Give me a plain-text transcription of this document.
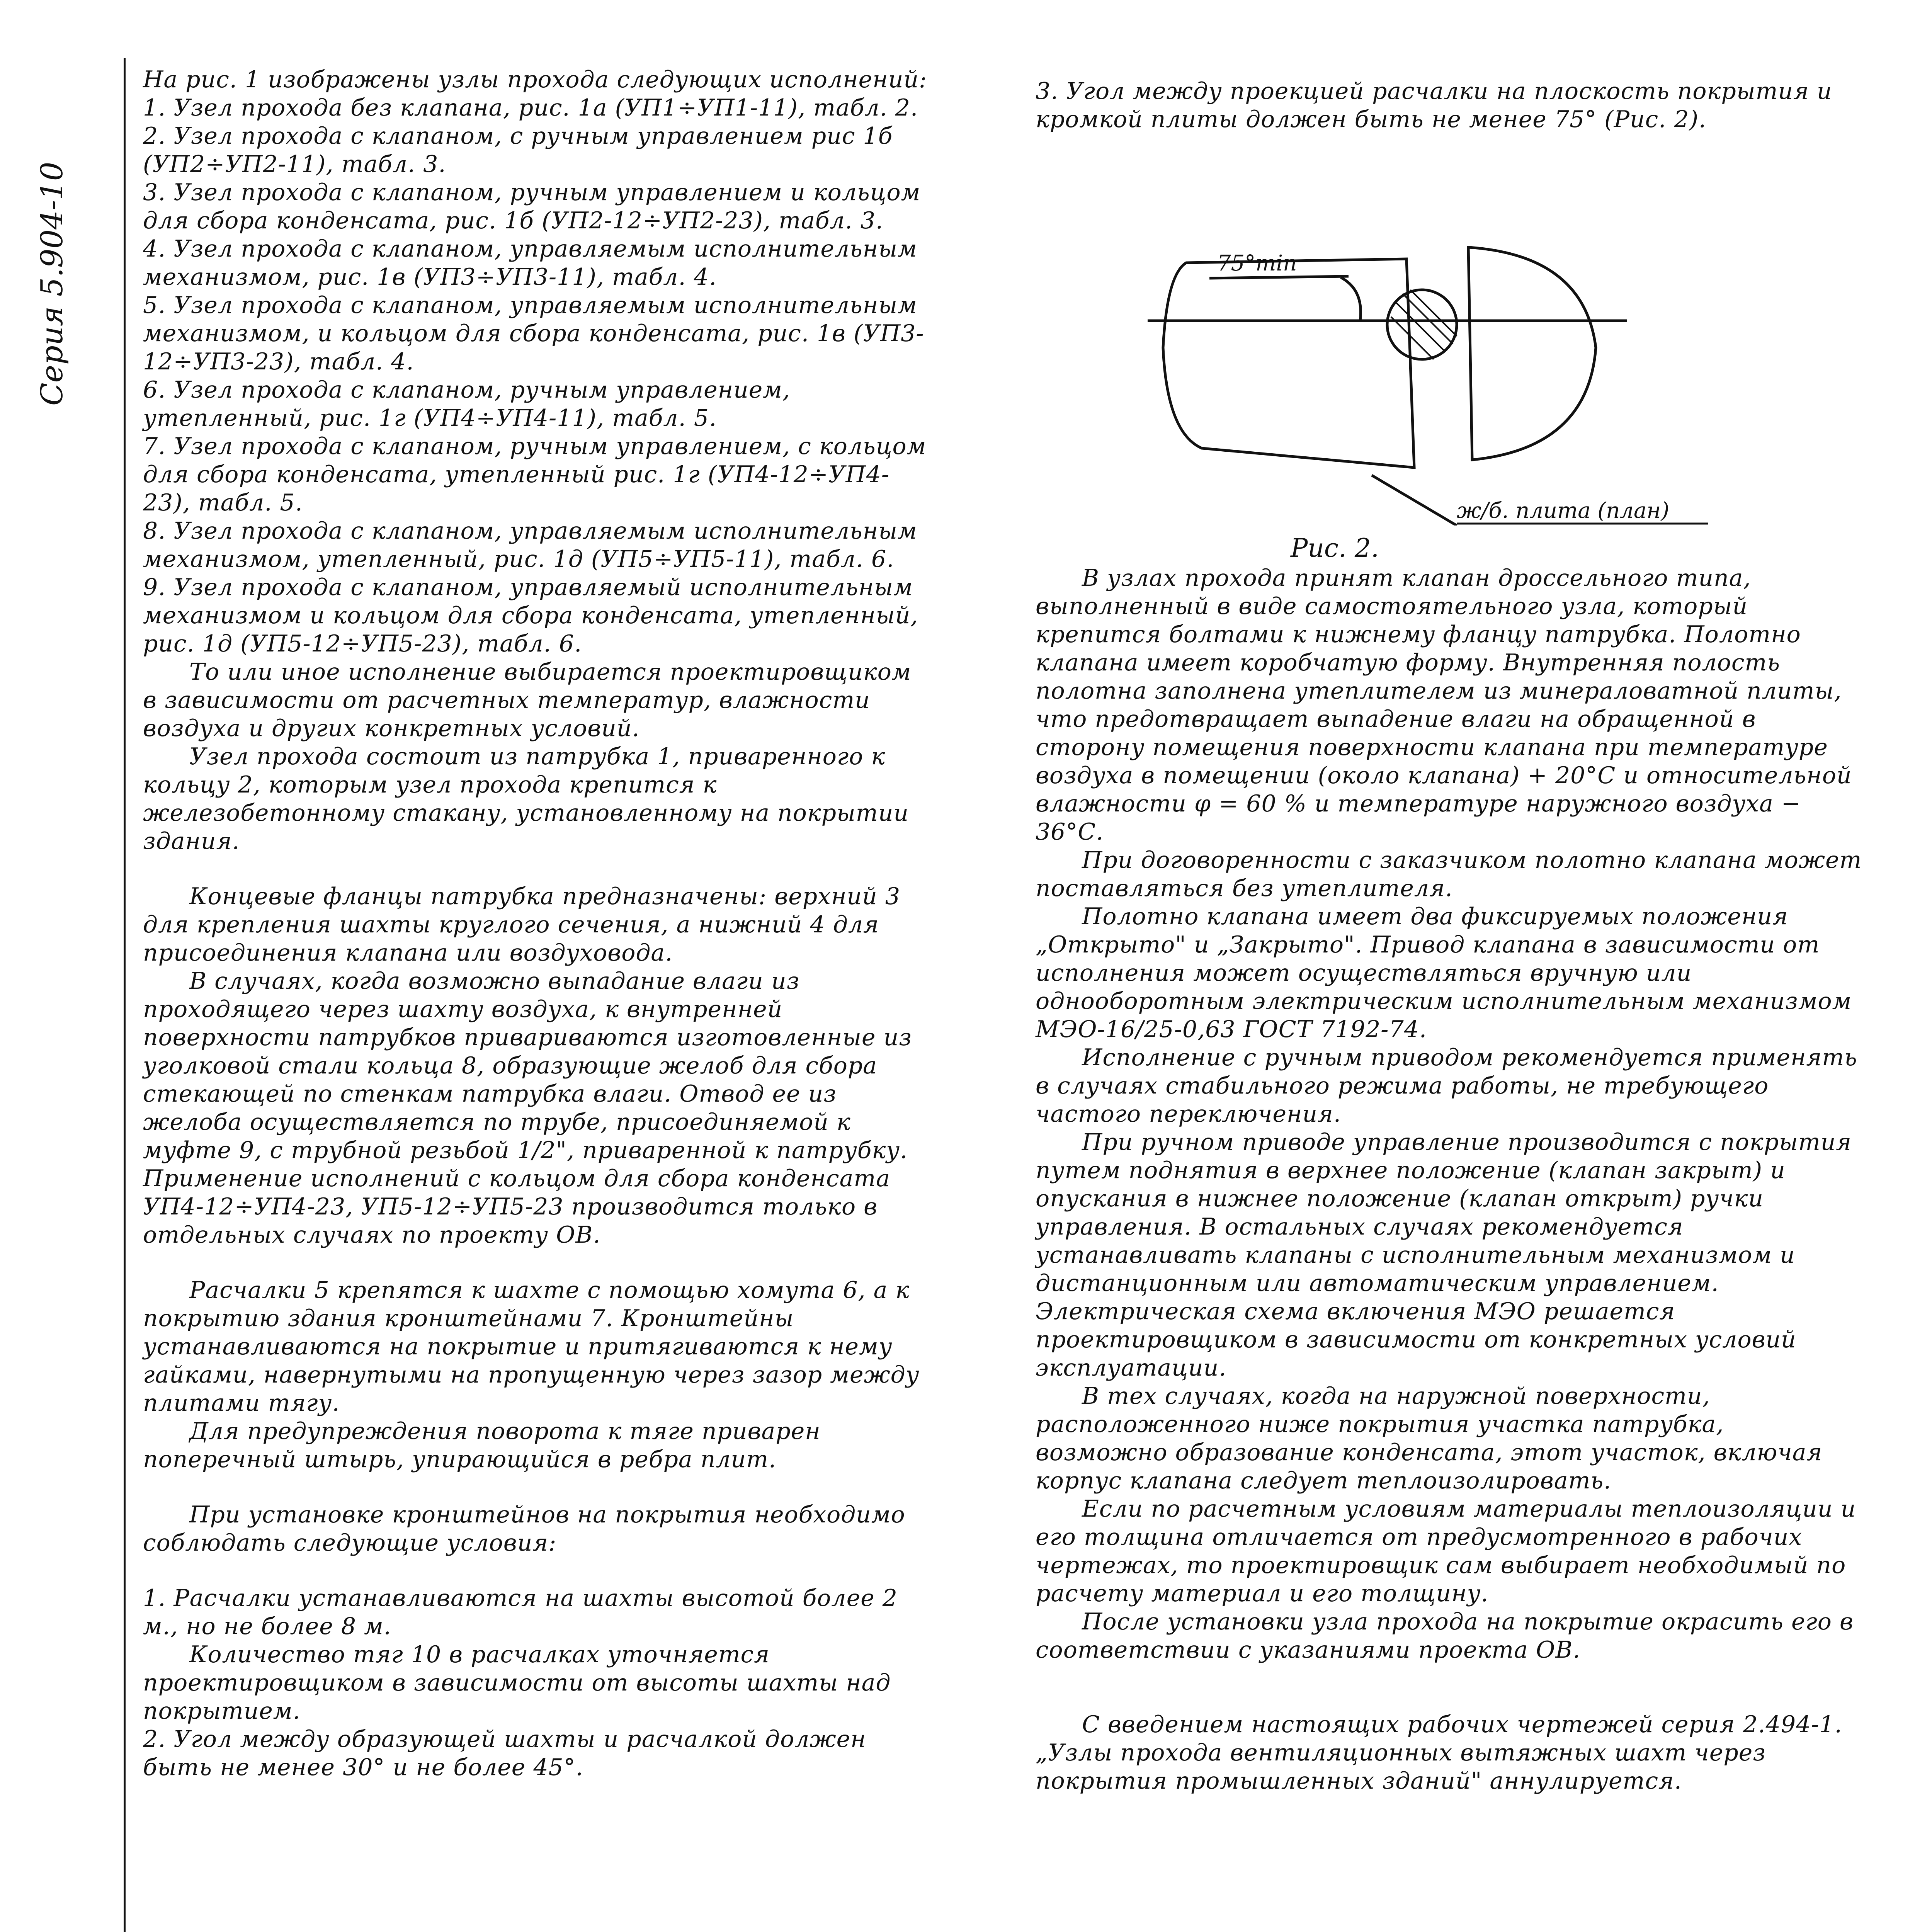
Серия 5.904-10

На рис. 1 изображены узлы прохода следующих исполнений:

1. Узел прохода без клапана, рис. 1а (УП1÷УП1-11), табл. 2.

2. Узел прохода с клапаном, с ручным управлением рис 1б (УП2÷УП2-11), табл. 3.

3. Узел прохода с клапаном, ручным управлением и кольцом для сбора конденсата, рис. 1б (УП2-12÷УП2-23), табл. 3.

4. Узел прохода с клапаном, управляемым исполнительным механизмом, рис. 1в (УП3÷УП3-11), табл. 4.

5. Узел прохода с клапаном, управляемым исполнительным механизмом, и кольцом для сбора конденсата, рис. 1в (УП3-12÷УП3-23), табл. 4.

6. Узел прохода с клапаном, ручным управлением, утепленный, рис. 1г (УП4÷УП4-11), табл. 5.

7. Узел прохода с клапаном, ручным управлением, с кольцом для сбора конденсата, утепленный рис. 1г (УП4-12÷УП4-23), табл. 5.

8. Узел прохода с клапаном, управляемым исполнительным механизмом, утепленный, рис. 1д (УП5÷УП5-11), табл. 6.

9. Узел прохода с клапаном, управляемый исполнительным механизмом и кольцом для сбора конденсата, утепленный, рис. 1д (УП5-12÷УП5-23), табл. 6.

То или иное исполнение выбирается проектировщиком в зависимости от расчетных температур, влажности воздуха и других конкретных условий.

Узел прохода состоит из патрубка 1, приваренного к кольцу 2, которым узел прохода крепится к железобетонному стакану, установленному на покрытии здания.

Концевые фланцы патрубка предназначены: верхний 3 для крепления шахты круглого сечения, а нижний 4 для присоединения клапана или воздуховода.

В случаях, когда возможно выпадание влаги из проходящего через шахту воздуха, к внутренней поверхности патрубков привариваются изготовленные из уголковой стали кольца 8, образующие желоб для сбора стекающей по стенкам патрубка влаги. Отвод ее из желоба осуществляется по трубе, присоединяемой к муфте 9, с трубной резьбой 1/2", приваренной к патрубку.

Применение исполнений с кольцом для сбора конденсата УП4-12÷УП4-23, УП5-12÷УП5-23 производится только в отдельных случаях по проекту ОВ.

Расчалки 5 крепятся к шахте с помощью хомута 6, а к покрытию здания кронштейнами 7. Кронштейны устанавливаются на покрытие и притягиваются к нему гайками, навернутыми на пропущенную через зазор между плитами тягу.

Для предупреждения поворота к тяге приварен поперечный штырь, упирающийся в ребра плит.

При установке кронштейнов на покрытия необходимо соблюдать следующие условия:

1. Расчалки устанавливаются на шахты высотой более 2 м., но не более 8 м.

Количество тяг 10 в расчалках уточняется проектировщиком в зависимости от высоты шахты над покрытием.

2. Угол между образующей шахты и расчалкой должен быть не менее 30° и не более 45°.

3. Угол между проекцией расчалки на плоскость покрытия и кромкой плиты должен быть не менее 75° (Рис. 2).

75°min
ж/б. плита (план)
Рис. 2.

В узлах прохода принят клапан дроссельного типа, выполненный в виде самостоятельного узла, который крепится болтами к нижнему фланцу патрубка. Полотно клапана имеет коробчатую форму. Внутренняя полость полотна заполнена утеплителем из минераловатной плиты, что предотвращает выпадение влаги на обращенной в сторону помещения поверхности клапана при температуре воздуха в помещении (около клапана) + 20°С и относительной влажности φ = 60 % и температуре наружного воздуха − 36°С.

При договоренности с заказчиком полотно клапана может поставляться без утеплителя.

Полотно клапана имеет два фиксируемых положения „Открыто" и „Закрыто". Привод клапана в зависимости от исполнения может осуществляться вручную или однооборотным электрическим исполнительным механизмом МЭО-16/25-0,63 ГОСТ 7192-74.

Исполнение с ручным приводом рекомендуется применять в случаях стабильного режима работы, не требующего частого переключения.

При ручном приводе управление производится с покрытия путем поднятия в верхнее положение (клапан закрыт) и опускания в нижнее положение (клапан открыт) ручки управления. В остальных случаях рекомендуется устанавливать клапаны с исполнительным механизмом и дистанционным или автоматическим управлением. Электрическая схема включения МЭО решается проектировщиком в зависимости от конкретных условий эксплуатации.

В тех случаях, когда на наружной поверхности, расположенного ниже покрытия участка патрубка, возможно образование конденсата, этот участок, включая корпус клапана следует теплоизолировать.

Если по расчетным условиям материалы теплоизоляции и его толщина отличается от предусмотренного в рабочих чертежах, то проектировщик сам выбирает необходимый по расчету материал и его толщину.

После установки узла прохода на покрытие окрасить его в соответствии с указаниями проекта ОВ.

С введением настоящих рабочих чертежей серия 2.494-1. „Узлы прохода вентиляционных вытяжных шахт через покрытия промышленных зданий" аннулируется.
